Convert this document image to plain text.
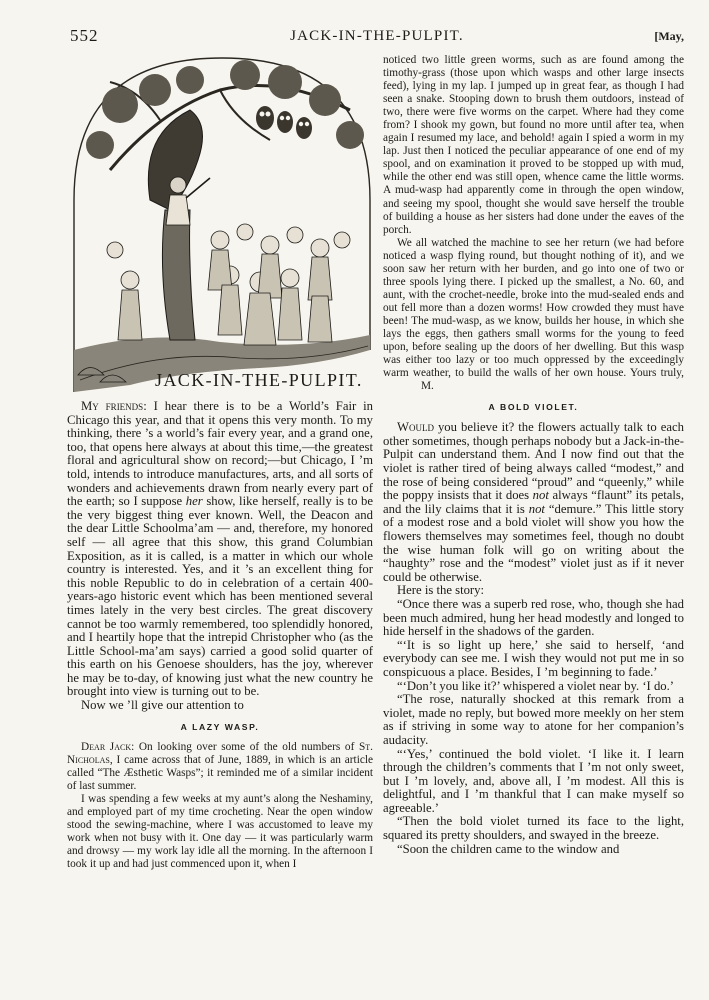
552	JACK-IN-THE-PULPIT.	[May,
JACK-IN-THE-PULPIT.

My friends: I hear there is to be a World’s Fair in Chicago this year, and that it opens this very month. To my thinking, there ’s a world’s fair every year, and a grand one, too, that opens here always at about this time,—the greatest floral and agricultural show on record;—but Chicago, I ’m told, intends to introduce manufactures, arts, and all sorts of wonders and achievements drawn from nearly every part of the earth; so I suppose her show, like herself, really is to be the very biggest thing ever known. Well, the Deacon and the dear Little Schoolma’am — and, therefore, my honored self — all agree that this show, this grand Columbian Exposition, as it is called, is a matter in which our whole country is interested. Yes, and it ’s an excellent thing for this noble Republic to do in celebration of a certain 400-years-ago historic event which has been mentioned several times lately in the very best circles. The great discovery cannot be too warmly remembered, too splendidly honored, and I heartily hope that the intrepid Christopher who (as the Little School-ma’am says) carried a good solid quarter of this earth on his Genoese shoulders, has the joy, wherever he may be to-day, of knowing just what the new country he brought into view is turning out to be.

Now we ’ll give our attention to

A LAZY WASP.

Dear Jack: On looking over some of the old numbers of St. Nicholas, I came across that of June, 1889, in which is an article called “The Æsthetic Wasps”; it reminded me of a similar incident of last summer.

I was spending a few weeks at my aunt’s along the Neshaminy, and employed part of my time crocheting. Near the open window stood the sewing-machine, where I was accustomed to leave my work when not busy with it. One day — it was particularly warm and drowsy — my work lay idle all the morning. In the afternoon I took it up and had just commenced upon it, when I

noticed two little green worms, such as are found among the timothy-grass (those upon which wasps and other large insects feed), lying in my lap. I jumped up in great fear, as though I had seen a snake. Stooping down to brush them outdoors, instead of two, there were five worms on the carpet. Where had they come from? I shook my gown, but found no more until after tea, when again I resumed my lace, and behold! again I spied a worm in my lap. Just then I noticed the peculiar appearance of one end of my spool, and on examination it proved to be stopped up with mud, while the other end was still open, whence came the little worms. A mud-wasp had apparently come in through the open window, and seeing my spool, thought she would save herself the trouble of building a house as her sisters had done under the eaves of the porch.

We all watched the machine to see her return (we had before noticed a wasp flying round, but thought nothing of it), and we soon saw her return with her burden, and go into one of two or three spools lying there. I picked up the smallest, a No. 60, and aunt, with the crochet-needle, broke into the mud-sealed ends and out fell more than a dozen worms! How crowded they must have been! The mud-wasp, as we know, builds her house, in which she lays the eggs, then gathers small worms for the young to feed upon, before sealing up the doors of her dwelling. But this wasp was either too lazy or too much oppressed by the exceedingly warm weather, to build the walls of her own house. Yours truly,M.

A BOLD VIOLET.

Would you believe it? the flowers actually talk to each other sometimes, though perhaps nobody but a Jack-in-the-Pulpit can understand them. And I now find out that the violet is rather tired of being always called “modest,” and the rose of being considered “proud” and “queenly,” while the poppy insists that it does not always “flaunt” its petals, and the lily claims that it is not “demure.” This little story of a modest rose and a bold violet will show you how the flowers themselves may sometimes feel, though no doubt the wise human folk will go on writing about the “haughty” rose and the “modest” violet just as if it never could be otherwise.

Here is the story:

“Once there was a superb red rose, who, though she had been much admired, hung her head modestly and longed to hide herself in the shadows of the garden.

“‘It is so light up here,’ she said to herself, ‘and everybody can see me. I wish they would not put me in so conspicuous a place. Besides, I ’m beginning to fade.’

“‘Don’t you like it?’ whispered a violet near by. ‘I do.’

“The rose, naturally shocked at this remark from a violet, made no reply, but bowed more meekly on her stem as if striving in some way to atone for her companion’s audacity.

“‘Yes,’ continued the bold violet. ‘I like it. I learn through the children’s comments that I ’m not only sweet, but I ’m lovely, and, above all, I ’m modest. All this is delightful, and I ’m thankful that I can make myself so agreeable.’

“Then the bold violet turned its face to the light, squared its pretty shoulders, and swayed in the breeze.

“Soon the children came to the window and
